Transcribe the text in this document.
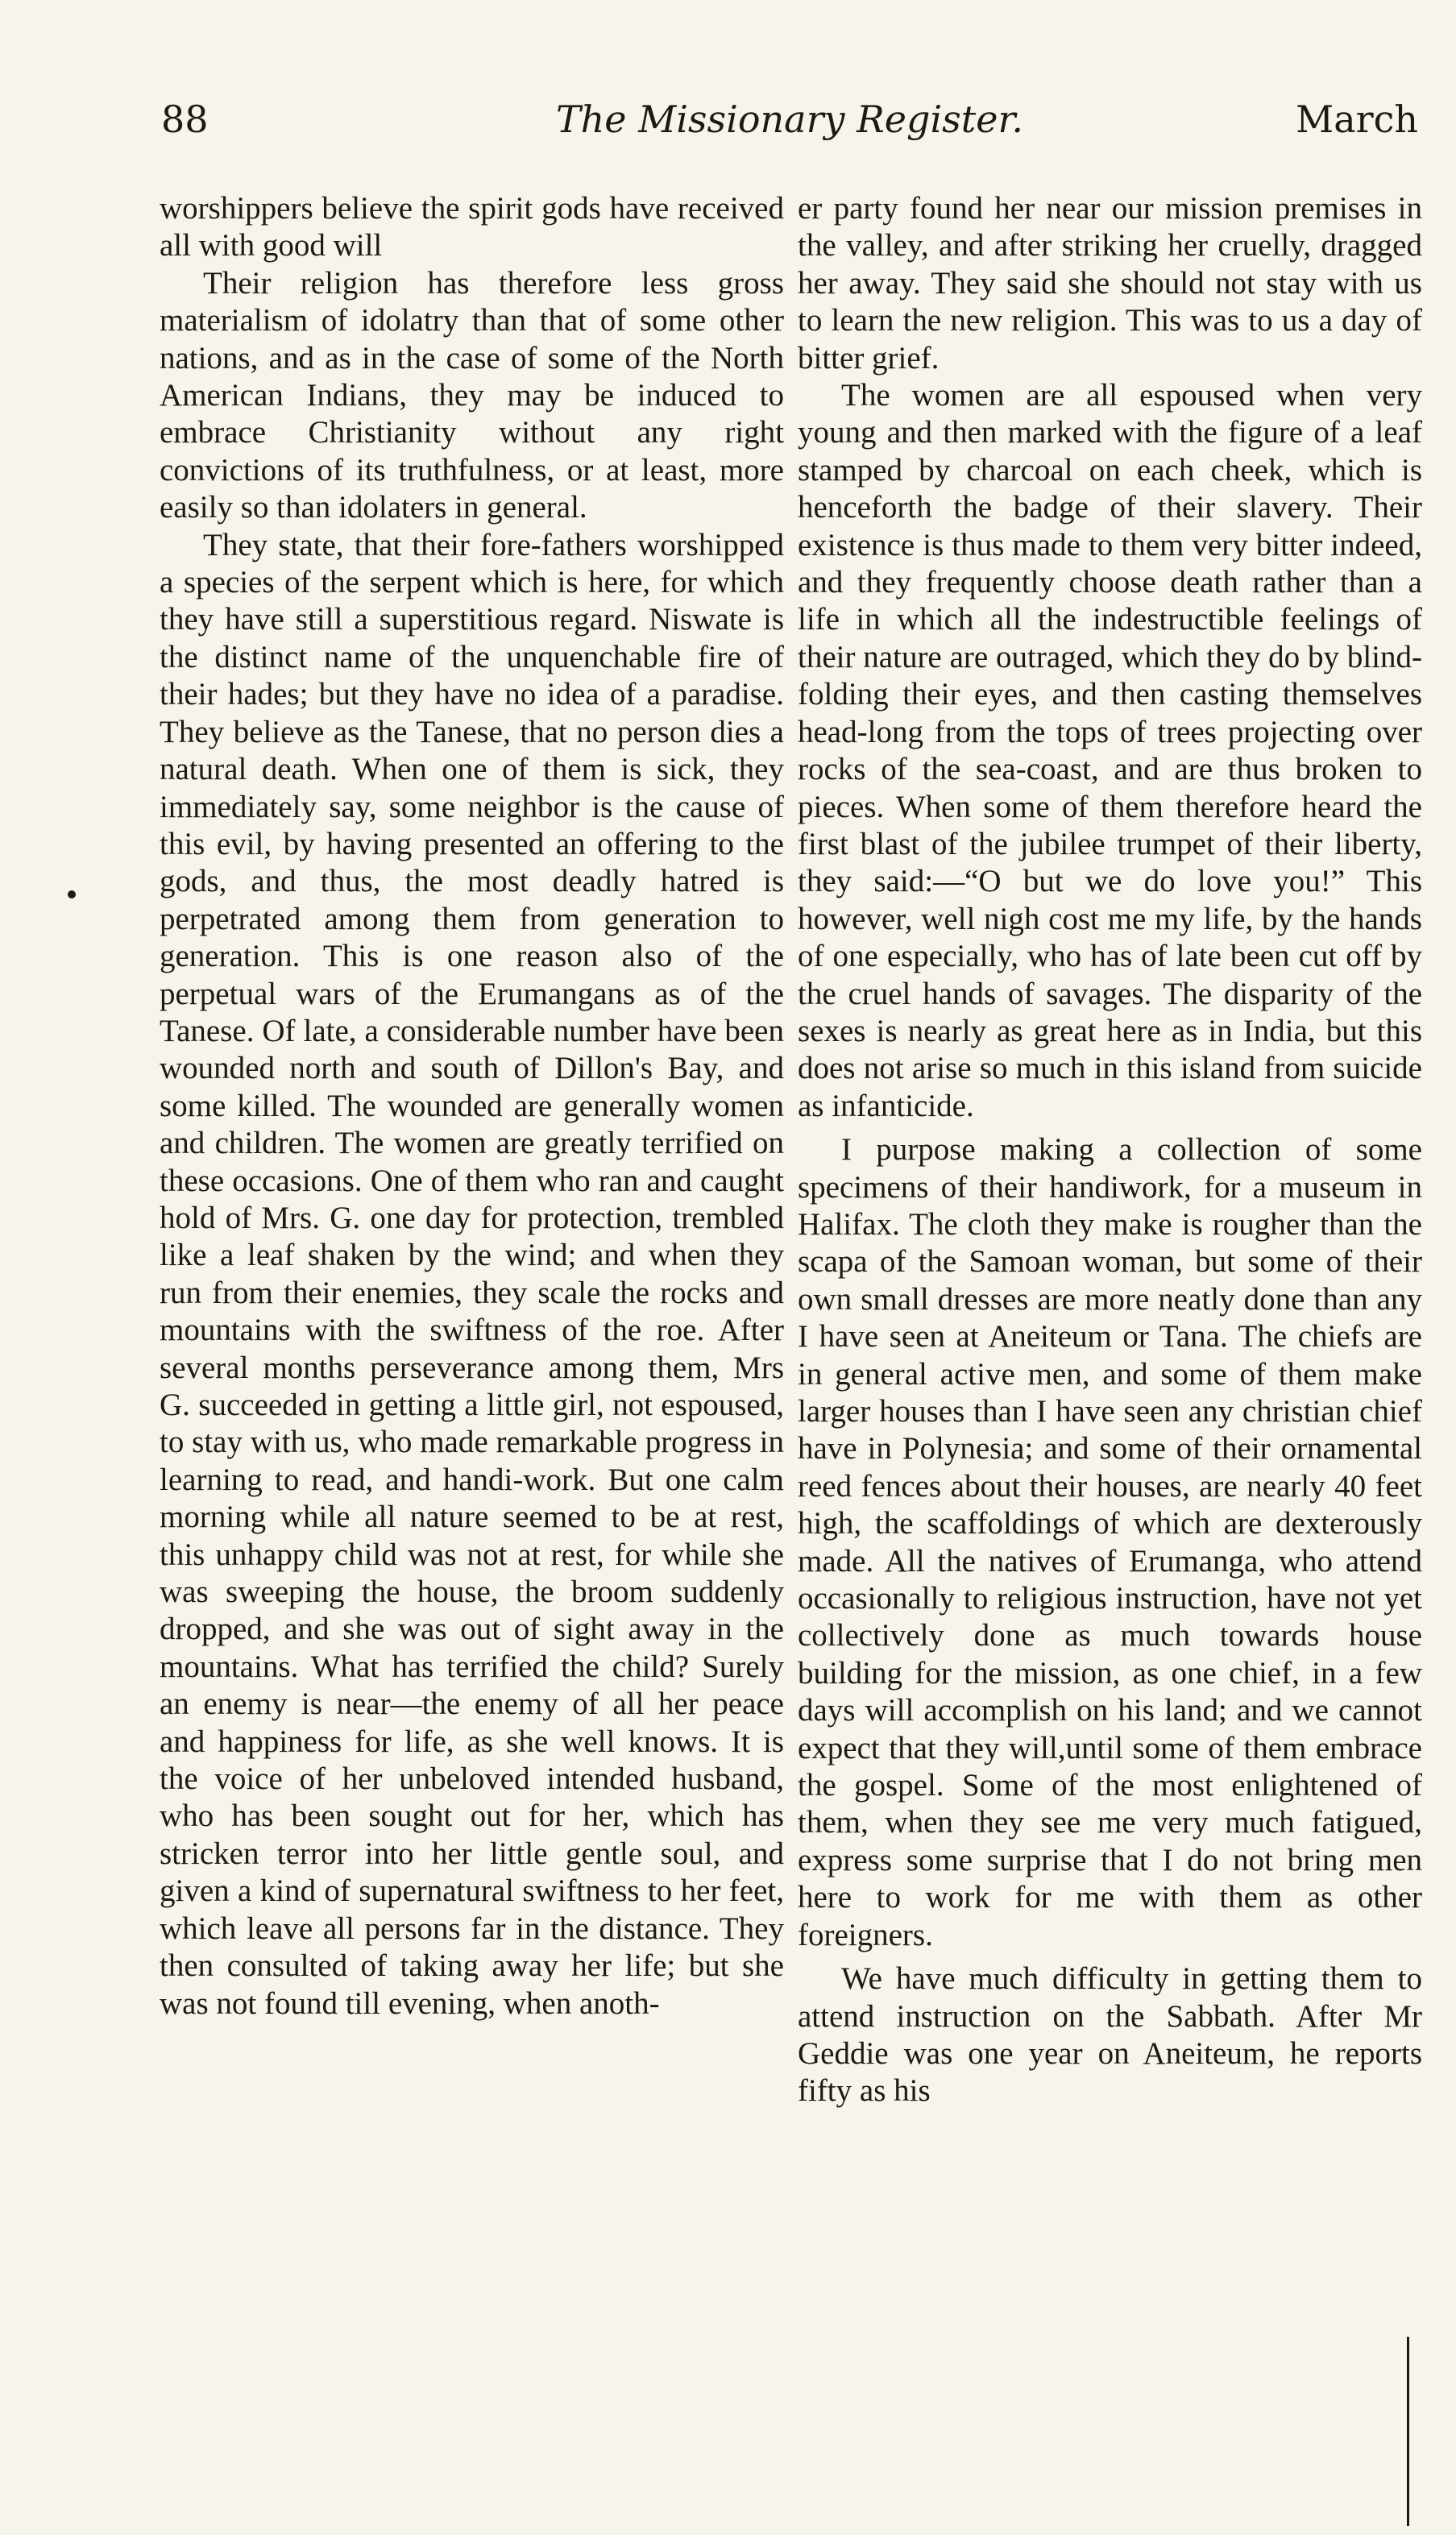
88	The Missionary Register.	March

worshippers believe the spirit gods have received all with good will

Their religion has therefore less gross materialism of idolatry than that of some other nations, and as in the case of some of the North American Indians, they may be induced to embrace Christianity without any right convictions of its truthfulness, or at least, more easily so than idolaters in general.

They state, that their fore-fathers worshipped a species of the serpent which is here, for which they have still a superstitious regard. Niswate is the distinct name of the unquenchable fire of their hades; but they have no idea of a paradise. They believe as the Tanese, that no person dies a natural death. When one of them is sick, they immediately say, some neighbor is the cause of this evil, by having presented an offering to the gods, and thus, the most deadly hatred is perpetrated among them from generation to generation. This is one reason also of the perpetual wars of the Erumangans as of the Tanese. Of late, a considerable number have been wounded north and south of Dillon's Bay, and some killed. The wounded are generally women and children. The women are greatly terrified on these occasions. One of them who ran and caught hold of Mrs. G. one day for protection, trembled like a leaf shaken by the wind; and when they run from their enemies, they scale the rocks and mountains with the swiftness of the roe. After several months perseverance among them, Mrs G. succeeded in getting a little girl, not espoused, to stay with us, who made remarkable progress in learning to read, and handi-work. But one calm morning while all nature seemed to be at rest, this unhappy child was not at rest, for while she was sweeping the house, the broom suddenly dropped, and she was out of sight away in the mountains. What has terrified the child? Surely an enemy is near—the enemy of all her peace and happiness for life, as she well knows. It is the voice of her unbeloved intended husband, who has been sought out for her, which has stricken terror into her little gentle soul, and given a kind of supernatural swiftness to her feet, which leave all persons far in the distance. They then consulted of taking away her life; but she was not found till evening, when anoth-

er party found her near our mission premises in the valley, and after striking her cruelly, dragged her away. They said she should not stay with us to learn the new religion. This was to us a day of bitter grief.

The women are all espoused when very young and then marked with the figure of a leaf stamped by charcoal on each cheek, which is henceforth the badge of their slavery. Their existence is thus made to them very bitter indeed, and they frequently choose death rather than a life in which all the indestructible feelings of their nature are outraged, which they do by blind-folding their eyes, and then casting themselves head-long from the tops of trees projecting over rocks of the sea-coast, and are thus broken to pieces. When some of them therefore heard the first blast of the jubilee trumpet of their liberty, they said:—“O but we do love you!” This however, well nigh cost me my life, by the hands of one especially, who has of late been cut off by the cruel hands of savages. The disparity of the sexes is nearly as great here as in India, but this does not arise so much in this island from suicide as infanticide.

I purpose making a collection of some specimens of their handiwork, for a museum in Halifax. The cloth they make is rougher than the scapa of the Samoan woman, but some of their own small dresses are more neatly done than any I have seen at Aneiteum or Tana. The chiefs are in general active men, and some of them make larger houses than I have seen any christian chief have in Polynesia; and some of their ornamental reed fences about their houses, are nearly 40 feet high, the scaffoldings of which are dexterously made. All the natives of Erumanga, who attend occasionally to religious instruction, have not yet collectively done as much towards house building for the mission, as one chief, in a few days will accomplish on his land; and we cannot expect that they will,until some of them embrace the gospel. Some of the most enlightened of them, when they see me very much fatigued, express some surprise that I do not bring men here to work for me with them as other foreigners.

We have much difficulty in getting them to attend instruction on the Sabbath. After Mr Geddie was one year on Aneiteum, he reports fifty as his
